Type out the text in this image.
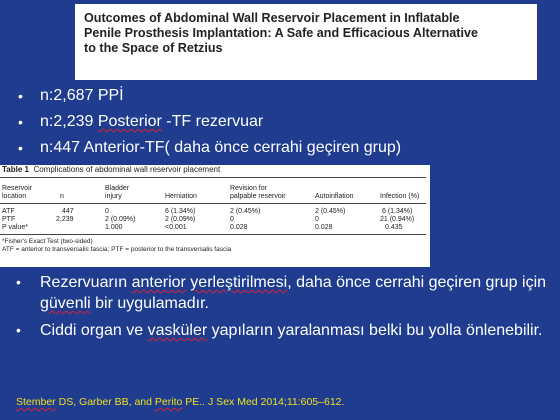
Outcomes of Abdominal Wall Reservoir Placement in Inflatable
Penile Prosthesis Implantation: A Safe and Efficacious Alternative
to the Space of Retzius
• n:2,687 PPİ
• n:2,239 Posterior -TF rezervuar
• n:447 Anterior-TF( daha önce cerrahi geçiren grup)
Table 1 Complications of abdominal wall reservoir placement
Reservoir
location	n
Bladder
injury	Herniation
Revision for
palpable reservoir	Autoinflation	Infection (%)
ATF	447	0	6 (1.34%)	2 (0.45%)	2 (0.45%)	6 (1.34%)
PTF	2,239	2 (0.09%)	2 (0.09%)	0	0	21 (0.94%)
P value*	1.000	<0.001	0.028	0.028	0.435
*Fisher's Exact Test (two-sided)
ATF = anterior to transversalis fascia; PTF = posterior to the transversalis fascia
•	Rezervuarın anterior yerleştirilmesi, daha önce cerrahi geçiren grup için güvenli bir uygulamadır.
•	Ciddi organ ve vasküler yapıların yaralanması belki bu yolla önlenebilir.
Stember DS, Garber BB, and Perito PE.. J Sex Med 2014;11:605–612.
